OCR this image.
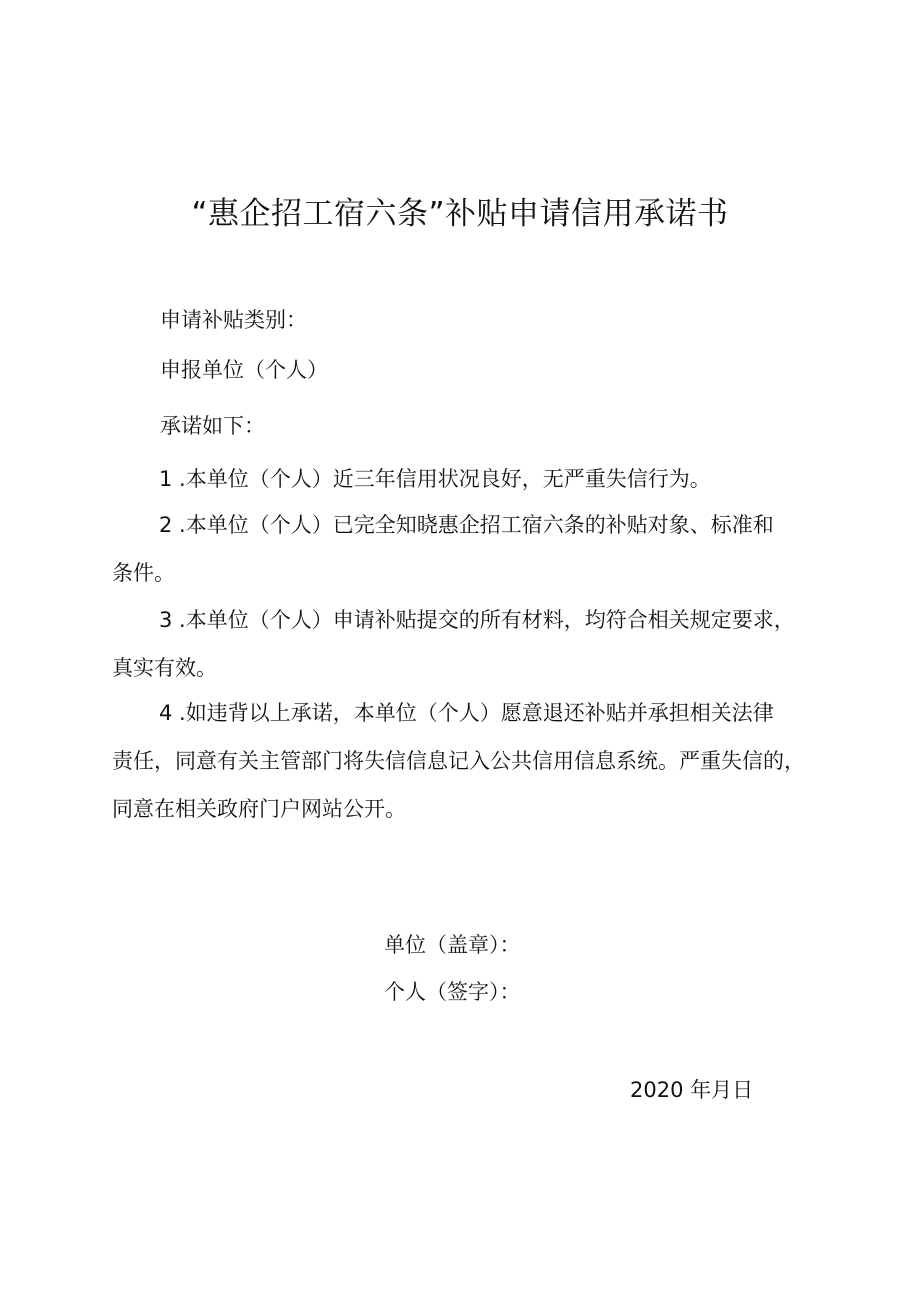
“惠企招工宿六条”补贴申请信用承诺书
申请补贴类别：
申报单位（个人）
承诺如下：
1 .本单位（个人）近三年信用状况良好，无严重失信行为。
2 .本单位（个人）已完全知晓惠企招工宿六条的补贴对象、标准和
条件。
3 .本单位（个人）申请补贴提交的所有材料，均符合相关规定要求，
真实有效。
4 .如违背以上承诺，本单位（个人）愿意退还补贴并承担相关法律
责任，同意有关主管部门将失信信息记入公共信用信息系统。严重失信的，
同意在相关政府门户网站公开。
单位（盖章）：
个人（签字）：
2020 年月日
